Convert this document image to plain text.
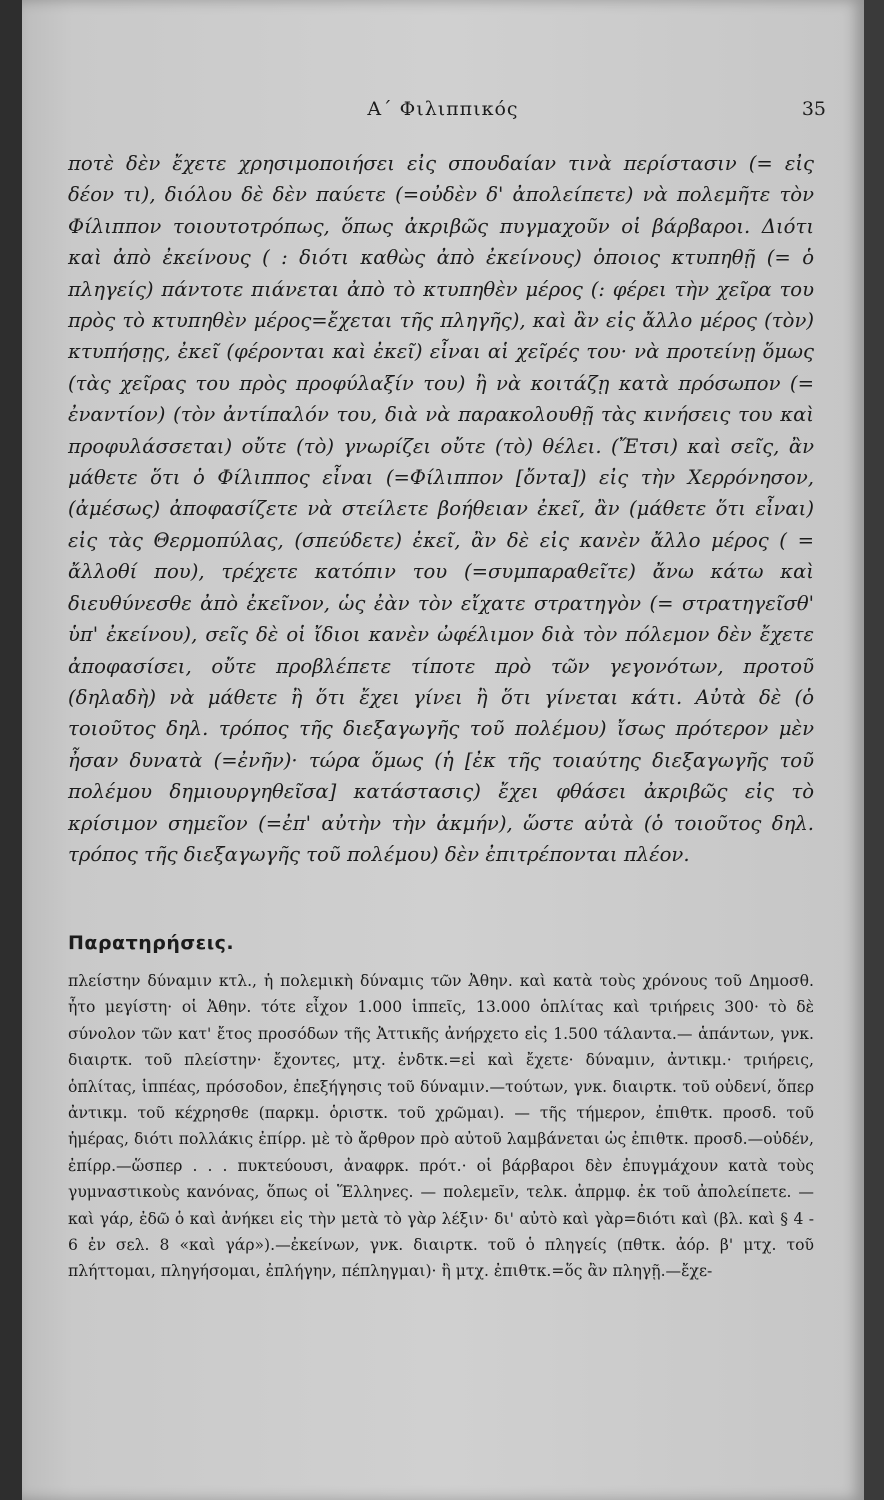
Α΄ Φιλιππικός	35

ποτὲ δὲν ἔχετε χρησιμοποιήσει εἰς σπουδαίαν τινὰ περίστασιν (= εἰς δέον τι), διόλου δὲ δὲν παύετε (=οὐδὲν δ' ἀπολείπετε) νὰ πολεμῆτε τὸν Φίλιππον τοιουτοτρόπως, ὅπως ἀκριβῶς πυγμαχοῦν οἱ βάρβαροι. Διότι καὶ ἀπὸ ἐκείνους ( : διότι καθὼς ἀπὸ ἐκείνους) ὁποιος κτυπηθῇ (= ὁ πληγείς) πάντοτε πιάνεται ἀπὸ τὸ κτυπηθὲν μέρος (: φέρει τὴν χεῖρα του πρὸς τὸ κτυπηθὲν μέρος=ἔχεται τῆς πληγῆς), καὶ ἂν εἰς ἄλλο μέρος (τὸν) κτυπήσῃς, ἐκεῖ (φέρονται καὶ ἐκεῖ) εἶναι αἱ χεῖρές του· νὰ προτείνῃ ὅμως (τὰς χεῖρας του πρὸς προφύλαξίν του) ἢ νὰ κοιτάζῃ κατὰ πρόσωπον (= ἐναντίον) (τὸν ἀντίπαλόν του, διὰ νὰ παρακολουθῇ τὰς κινήσεις του καὶ προφυλάσσεται) οὔτε (τὸ) γνωρίζει οὔτε (τὸ) θέλει. (Ἔτσι) καὶ σεῖς, ἂν μάθετε ὅτι ὁ Φίλιππος εἶναι (=Φίλιππον [ὄντα]) εἰς τὴν Χερρόνησον, (ἀμέσως) ἀποφασίζετε νὰ στείλετε βοήθειαν ἐκεῖ, ἂν (μάθετε ὅτι εἶναι) εἰς τὰς Θερμοπύλας, (σπεύδετε) ἐκεῖ, ἂν δὲ εἰς κανὲν ἄλλο μέρος ( = ἄλλοθί που), τρέχετε κατόπιν του (=συμπαραθεῖτε) ἄνω κάτω καὶ διευθύνεσθε ἀπὸ ἐκεῖνον, ὡς ἐὰν τὸν εἴχατε στρατηγὸν (= στρατηγεῖσθ' ὑπ' ἐκείνου), σεῖς δὲ οἱ ἴδιοι κανὲν ὠφέλιμον διὰ τὸν πόλεμον δὲν ἔχετε ἀποφασίσει, οὔτε προβλέπετε τίποτε πρὸ τῶν γεγονότων, προτοῦ (δηλαδὴ) νὰ μάθετε ἢ ὅτι ἔχει γίνει ἢ ὅτι γίνεται κάτι. Αὐτὰ δὲ (ὁ τοιοῦτος δηλ. τρόπος τῆς διεξαγωγῆς τοῦ πολέμου) ἴσως πρότερον μὲν ἦσαν δυνατὰ (=ἐνῆν)· τώρα ὅμως (ἡ [ἐκ τῆς τοιαύτης διεξαγωγῆς τοῦ πολέμου δημιουργηθεῖσα] κατάστασις) ἔχει φθάσει ἀκριβῶς εἰς τὸ κρίσιμον σημεῖον (=ἐπ' αὐτὴν τὴν ἀκμήν), ὥστε αὐτὰ (ὁ τοιοῦτος δηλ. τρόπος τῆς διεξαγωγῆς τοῦ πολέμου) δὲν ἐπιτρέπονται πλέον.

Παρατηρήσεις.

πλείστην δύναμιν κτλ., ἡ πολεμικὴ δύναμις τῶν Ἀθην. καὶ κατὰ τοὺς χρόνους τοῦ Δημοσθ. ἦτο μεγίστη· οἱ Ἀθην. τότε εἶχον 1.000 ἱππεῖς, 13.000 ὁπλίτας καὶ τριήρεις 300· τὸ δὲ σύνολον τῶν κατ' ἔτος προσόδων τῆς Ἀττικῆς ἀνήρχετο εἰς 1.500 τάλαντα.— ἁπάντων, γνκ. διαιρτκ. τοῦ πλείστην· ἔχοντες, μτχ. ἐνδτκ.=εἰ καὶ ἔχετε· δύναμιν, ἀντικμ.· τριήρεις, ὁπλίτας, ἱππέας, πρόσοδον, ἐπεξήγησις τοῦ δύναμιν.—τούτων, γνκ. διαιρτκ. τοῦ οὐδενί, ὅπερ ἀντικμ. τοῦ κέχρησθε (παρκμ. ὁριστκ. τοῦ χρῶμαι). — τῆς τήμερον, ἐπιθτκ. προσδ. τοῦ ἡμέρας, διότι πολλάκις ἐπίρρ. μὲ τὸ ἄρθρον πρὸ αὐτοῦ λαμβάνεται ὡς ἐπιθτκ. προσδ.—οὐδέν, ἐπίρρ.—ὥσπερ . . . πυκτεύουσι, ἀναφρκ. πρότ.· οἱ βάρβαροι δὲν ἐπυγμάχουν κατὰ τοὺς γυμναστικοὺς κανόνας, ὅπως οἱ Ἕλληνες. — πολεμεῖν, τελκ. ἀπρμφ. ἐκ τοῦ ἀπολείπετε. — καὶ γάρ, ἐδῶ ὁ καὶ ἀνήκει εἰς τὴν μετὰ τὸ γὰρ λέξιν· δι' αὐτὸ καὶ γὰρ=διότι καὶ (βλ. καὶ § 4 - 6 ἐν σελ. 8 «καὶ γάρ»).—ἐκείνων, γνκ. διαιρτκ. τοῦ ὁ πληγείς (πθτκ. ἀόρ. β' μτχ. τοῦ πλήττομαι, πληγήσομαι, ἐπλήγην, πέπληγμαι)· ἢ μτχ. ἐπιθτκ.=ὅς ἂν πληγῇ.—ἔχε-
